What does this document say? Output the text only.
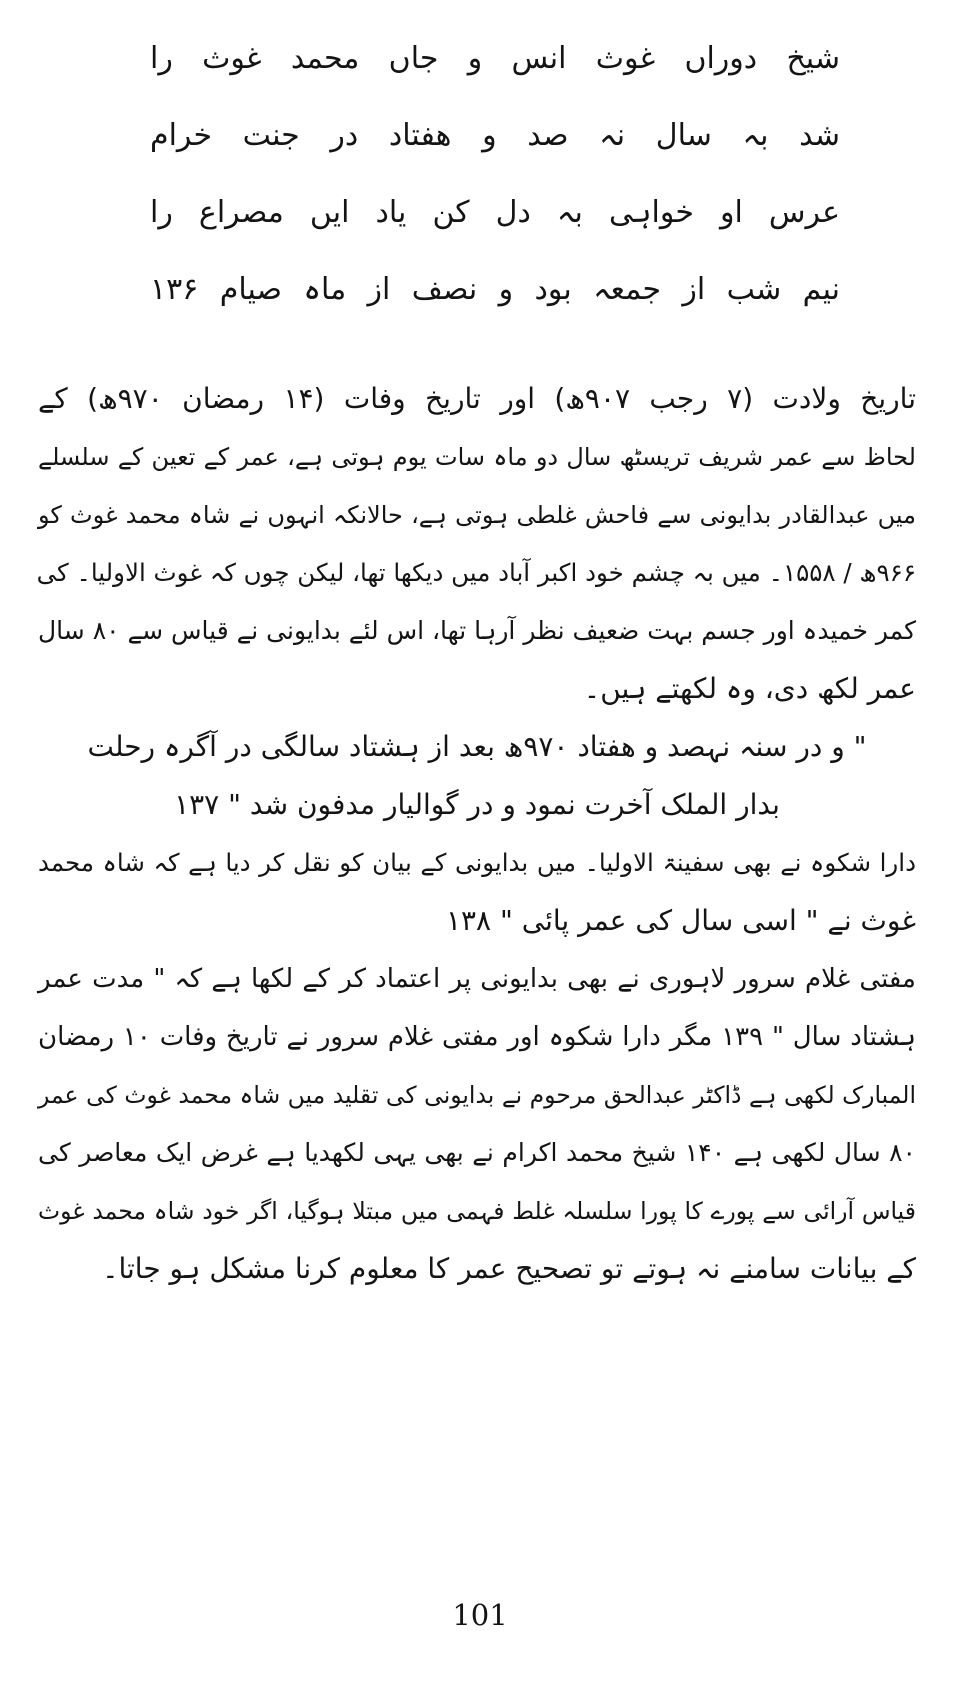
شیخ دوراں غوث انس و جاں محمد غوث را
شد بہ سال نہ صد و ھفتاد در جنت خرام
عرس او خواہی بہ دل کن یاد ایں مصراع را
نیم شب از جمعہ بود و نصف از ماہ صیام ۱۳۶
تاریخ ولادت (۷ رجب ۹۰۷ھ) اور تاریخ وفات (۱۴ رمضان ۹۷۰ھ) کے
لحاظ سے عمر شریف تریسٹھ سال دو ماہ سات یوم ہوتی ہے، عمر کے تعین کے سلسلے
میں عبدالقادر بدایونی سے فاحش غلطی ہوتی ہے، حالانکہ انہوں نے شاہ محمد غوث کو
۹۶۶ھ / ۱۵۵۸۔ میں بہ چشم خود اکبر آباد میں دیکھا تھا، لیکن چوں کہ غوث الاولیا۔ کی
کمر خمیدہ اور جسم بہت ضعیف نظر آرہا تھا، اس لئے بدایونی نے قیاس سے ۸۰ سال
عمر لکھ دی، وہ لکھتے ہیں۔
" و در سنہ نہصد و ھفتاد ۹۷۰ھ بعد از ہشتاد سالگی در آگرہ رحلت
بدار الملک آخرت نمود و در گوالیار مدفون شد " ۱۳۷
دارا شکوہ نے بھی سفینۃ الاولیا۔ میں بدایونی کے بیان کو نقل کر دیا ہے کہ شاہ محمد
غوث نے " اسی سال کی عمر پائی " ۱۳۸
مفتی غلام سرور لاہوری نے بھی بدایونی پر اعتماد کر کے لکھا ہے کہ " مدت عمر
ہشتاد سال " ۱۳۹ مگر دارا شکوہ اور مفتی غلام سرور نے تاریخ وفات ۱۰ رمضان
المبارک لکھی ہے ڈاکٹر عبدالحق مرحوم نے بدایونی کی تقلید میں شاہ محمد غوث کی عمر
۸۰ سال لکھی ہے ۱۴۰ شیخ محمد اکرام نے بھی یہی لکھدیا ہے غرض ایک معاصر کی
قیاس آرائی سے پورے کا پورا سلسلہ غلط فہمی میں مبتلا ہوگیا، اگر خود شاہ محمد غوث
کے بیانات سامنے نہ ہوتے تو تصحیح عمر کا معلوم کرنا مشکل ہو جاتا۔
101
